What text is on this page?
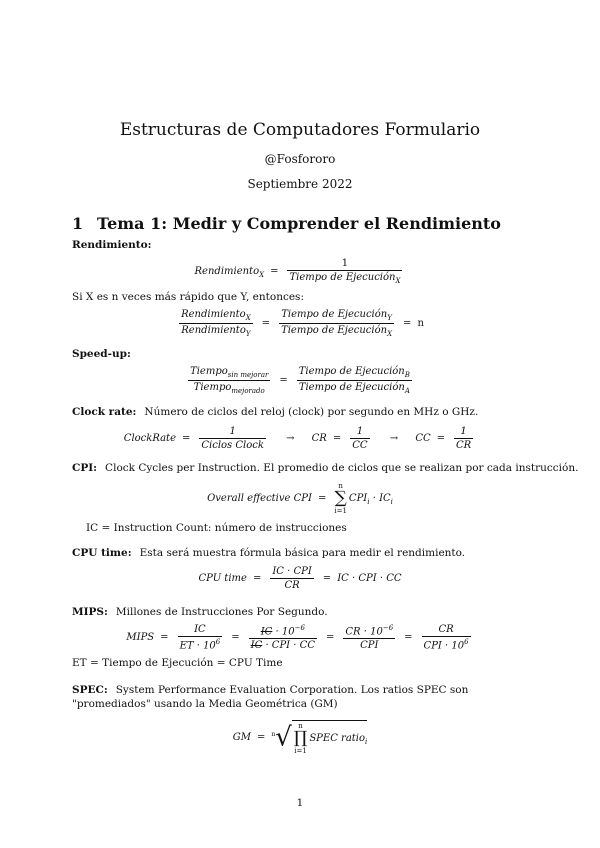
Estructuras de Computadores Formulario
@Fosfororo
Septiembre 2022
1 Tema 1: Medir y Comprender el Rendimiento
Rendimiento:
Rendimiento$_X$ = $\frac{1}{Tiempo de Ejecución_X}$
Si X es n veces más rápido que Y, entonces:
$\frac{Rendimiento_X}{Rendimiento_Y} = \frac{Tiempo de Ejecución_Y}{Tiempo de Ejecución_X} = n$
Speed-up:
$\frac{Tiempo_{sin mejorar}}{Tiempo_{mejorado}} = \frac{Tiempo de Ejecución_B}{Tiempo de Ejecución_A}$
Clock rate: Número de ciclos del reloj (clock) por segundo en MHz o GHz.
ClockRate = $\frac{1}{\text{Ciclos Clock}}$ → CR = $\frac{1}{CC}$ → CC = $\frac{1}{CR}$
CPI: Clock Cycles per Instruction. El promedio de ciclos que se realizan por cada instrucción.
Overall effective CPI =n
∑
$i=1CPI_i \cdot IC_i$
IC = Instruction Count: número de instrucciones
CPU time: Esta será muestra fórmula básica para medir el rendimiento.
CPU time = $\frac{\text{IC · CPI}}{CR}$ = IC · CPI · CC
MIPS: Millones de Instrucciones Por Segundo.
MIPS = $\frac{IC}{ET \cdot 10^6} = \frac{IC \cdot 10^{-6}}{\text{IC · CPI · CC}} = \frac{CR \cdot 10^{-6}}{\text{CPI}} = \frac{CR}{CPI \cdot 10^6}$
ET = Tiempo de Ejecución = CPU Time
SPEC: System Performance Evaluation Corporation. Los ratios SPEC son "promediados" usando la Media Geométrica (GM)
GM = $^n$√ n
∏
i=1SPEC ratio$_i$
1
